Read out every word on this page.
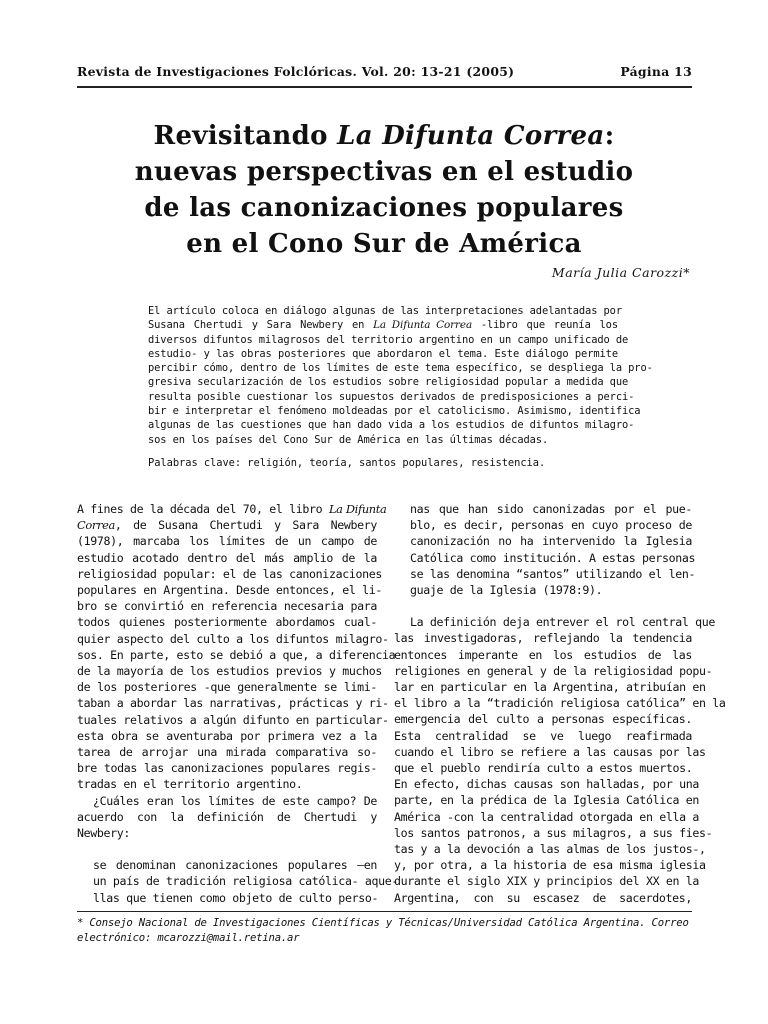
Revista de Investigaciones Folclóricas. Vol. 20: 13-21 (2005)	Página 13
Revisitando La Difunta Correa:
nuevas perspectivas en el estudio
de las canonizaciones populares
en el Cono Sur de América
María Julia Carozzi*
El artículo coloca en diálogo algunas de las interpretaciones adelantadas por
Susana Chertudi y Sara Newbery en La Difunta Correa -libro que reunía los
diversos difuntos milagrosos del territorio argentino en un campo unificado de
estudio- y las obras posteriores que abordaron el tema. Este diálogo permite
percibir cómo, dentro de los límites de este tema específico, se despliega la pro-
gresiva secularización de los estudios sobre religiosidad popular a medida que
resulta posible cuestionar los supuestos derivados de predisposiciones a perci-
bir e interpretar el fenómeno moldeadas por el catolicismo. Asimismo, identifica
algunas de las cuestiones que han dado vida a los estudios de difuntos milagro-
sos en los países del Cono Sur de América en las últimas décadas.
Palabras clave: religión, teoría, santos populares, resistencia.
A fines de la década del 70, el libro La Difunta
Correa, de Susana Chertudi y Sara Newbery
(1978), marcaba los límites de un campo de
estudio acotado dentro del más amplio de la
religiosidad popular: el de las canonizaciones
populares en Argentina. Desde entonces, el li-
bro se convirtió en referencia necesaria para
todos quienes posteriormente abordamos cual-
quier aspecto del culto a los difuntos milagro-
sos. En parte, esto se debió a que, a diferencia
de la mayoría de los estudios previos y muchos
de los posteriores -que generalmente se limi-
taban a abordar las narrativas, prácticas y ri-
tuales relativos a algún difunto en particular-
esta obra se aventuraba por primera vez a la
tarea de arrojar una mirada comparativa so-
bre todas las canonizaciones populares regis-
tradas en el territorio argentino.
¿Cuáles eran los límites de este campo? De
acuerdo con la definición de Chertudi y
Newbery:
se denominan canonizaciones populares –en
un país de tradición religiosa católica- aque-
llas que tienen como objeto de culto perso-
nas que han sido canonizadas por el pue-
blo, es decir, personas en cuyo proceso de
canonización no ha intervenido la Iglesia
Católica como institución. A estas personas
se las denomina “santos” utilizando el len-
guaje de la Iglesia (1978:9).
La definición deja entrever el rol central que
las investigadoras, reflejando la tendencia
entonces imperante en los estudios de las
religiones en general y de la religiosidad popu-
lar en particular en la Argentina, atribuían en
el libro a la “tradición religiosa católica” en la
emergencia del culto a personas específicas.
Esta centralidad se ve luego reafirmada
cuando el libro se refiere a las causas por las
que el pueblo rendiría culto a estos muertos.
En efecto, dichas causas son halladas, por una
parte, en la prédica de la Iglesia Católica en
América -con la centralidad otorgada en ella a
los santos patronos, a sus milagros, a sus fies-
tas y a la devoción a las almas de los justos-,
y, por otra, a la historia de esa misma iglesia
durante el siglo XIX y principios del XX en la
Argentina, con su escasez de sacerdotes,
* Consejo Nacional de Investigaciones Científicas y Técnicas/Universidad Católica Argentina. Correo
electrónico: mcarozzi@mail.retina.ar
